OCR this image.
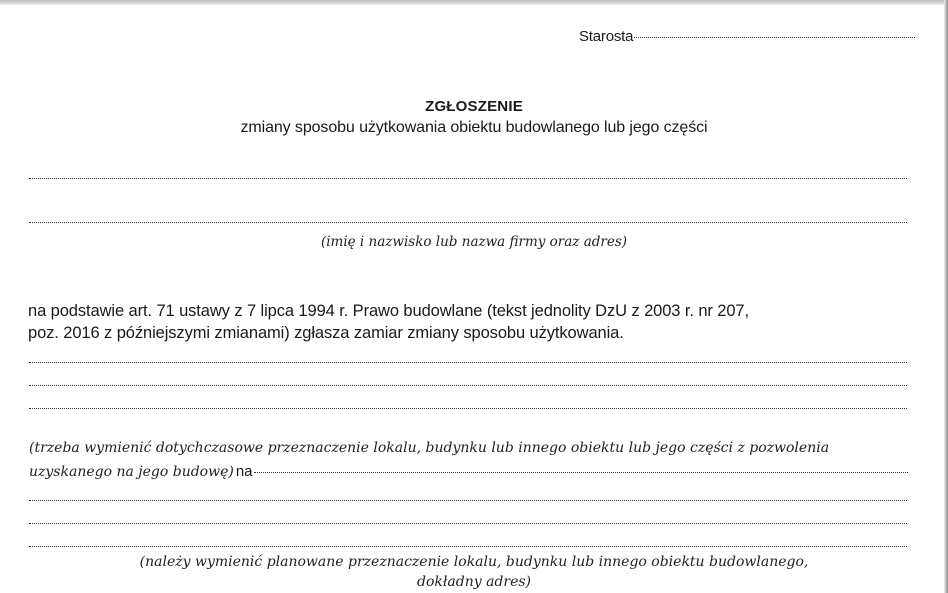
Starosta
ZGŁOSZENIE
zmiany sposobu użytkowania obiektu budowlanego lub jego części
(imię i nazwisko lub nazwa firmy oraz adres)
na podstawie art. 71 ustawy z 7 lipca 1994 r. Prawo budowlane (tekst jednolity DzU z 2003 r. nr 207,
poz. 2016 z późniejszymi zmianami) zgłasza zamiar zmiany sposobu użytkowania.
(trzeba wymienić dotychczasowe przeznaczenie lokalu, budynku lub innego obiektu lub jego części z pozwolenia
uzyskanego na jego budowę) na
(należy wymienić planowane przeznaczenie lokalu, budynku lub innego obiektu budowlanego,
dokładny adres)
